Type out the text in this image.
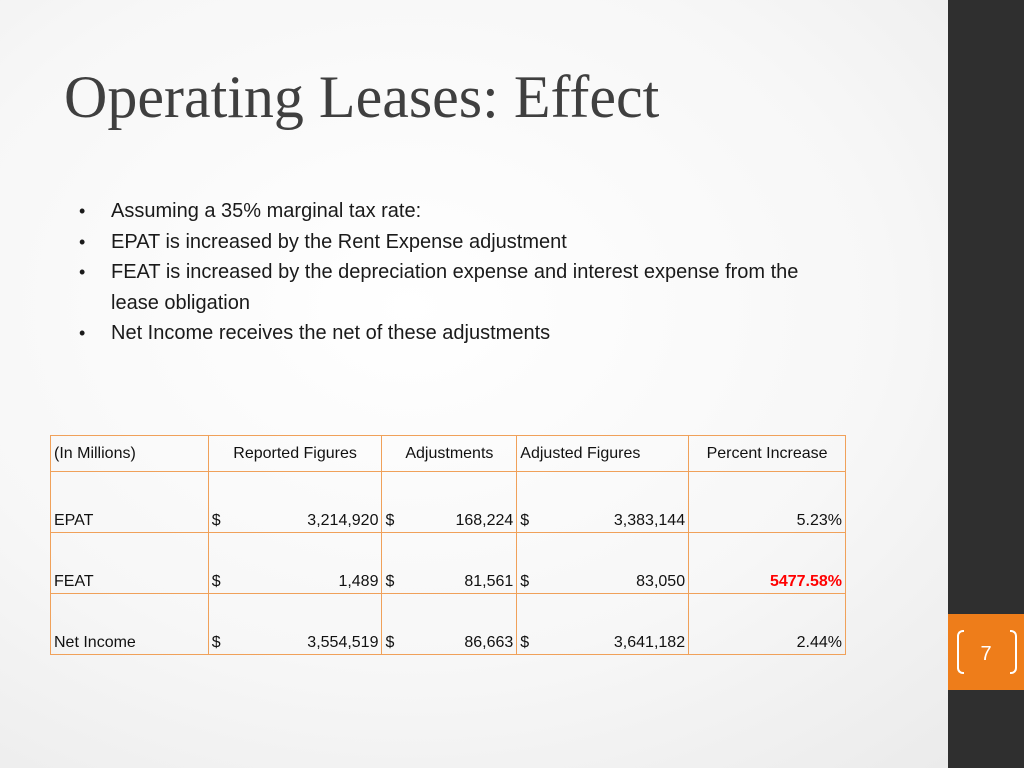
7
Operating Leases: Effect
• Assuming a 35% marginal tax rate:
• EPAT is increased by the Rent Expense adjustment
• FEAT is increased by the depreciation expense and interest expense from the lease obligation
• Net Income receives the net of these adjustments
(In Millions)	Reported Figures	Adjustments	Adjusted Figures	Percent Increase
EPAT	$ 3,214,920	$ 168,224	$ 3,383,144	5.23%
FEAT	$ 1,489	$ 81,561	$ 83,050	5477.58%
Net Income	$ 3,554,519	$ 86,663	$ 3,641,182	2.44%
